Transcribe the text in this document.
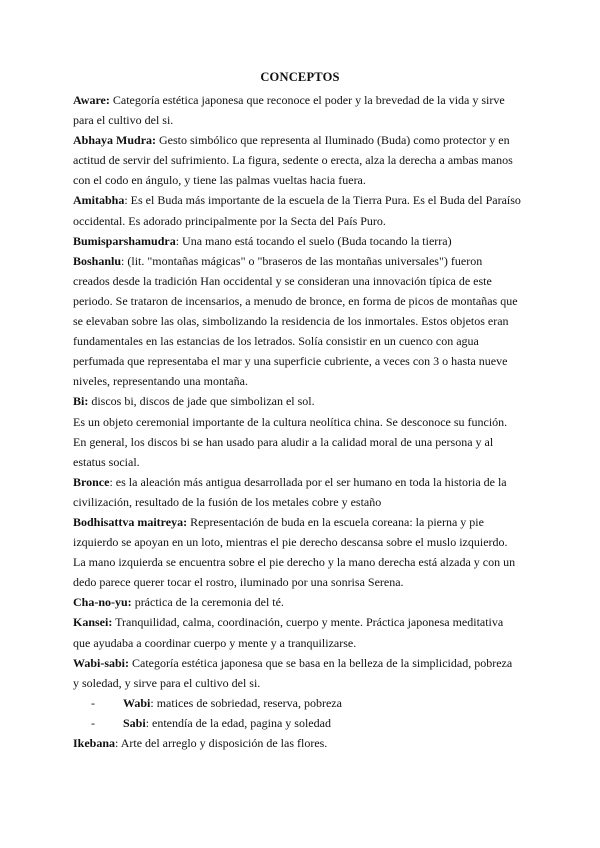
CONCEPTOS

Aware: Categoría estética japonesa que reconoce el poder y la brevedad de la vida y sirve para el cultivo del si.

Abhaya Mudra: Gesto simbólico que representa al Iluminado (Buda) como protector y en actitud de servir del sufrimiento. La figura, sedente o erecta, alza la derecha a ambas manos con el codo en ángulo, y tiene las palmas vueltas hacia fuera.

Amitabha: Es el Buda más importante de la escuela de la Tierra Pura. Es el Buda del Paraíso occidental. Es adorado principalmente por la Secta del País Puro.

Bumisparshamudra: Una mano está tocando el suelo (Buda tocando la tierra)

Boshanlu: (lit. "montañas mágicas" o "braseros de las montañas universales") fueron creados desde la tradición Han occidental y se consideran una innovación típica de este periodo. Se trataron de incensarios, a menudo de bronce, en forma de picos de montañas que se elevaban sobre las olas, simbolizando la residencia de los inmortales. Estos objetos eran fundamentales en las estancias de los letrados. Solía consistir en un cuenco con agua perfumada que representaba el mar y una superficie cubriente, a veces con 3 o hasta nueve niveles, representando una montaña.

Bi: discos bi, discos de jade que simbolizan el sol.

Es un objeto ceremonial importante de la cultura neolítica china. Se desconoce su función. En general, los discos bi se han usado para aludir a la calidad moral de una persona y al estatus social.

Bronce: es la aleación más antigua desarrollada por el ser humano en toda la historia de la civilización, resultado de la fusión de los metales cobre y estaño

Bodhisattva maitreya: Representación de buda en la escuela coreana: la pierna y pie izquierdo se apoyan en un loto, mientras el pie derecho descansa sobre el muslo izquierdo. La mano izquierda se encuentra sobre el pie derecho y la mano derecha está alzada y con un dedo parece querer tocar el rostro, iluminado por una sonrisa Serena.

Cha-no-yu: práctica de la ceremonia del té.

Kansei: Tranquilidad, calma, coordinación, cuerpo y mente. Práctica japonesa meditativa que ayudaba a coordinar cuerpo y mente y a tranquilizarse.

Wabi-sabi: Categoría estética japonesa que se basa en la belleza de la simplicidad, pobreza y soledad, y sirve para el cultivo del si.

-	Wabi: matices de sobriedad, reserva, pobreza
-	Sabi: entendía de la edad, pagina y soledad

Ikebana: Arte del arreglo y disposición de las flores.
